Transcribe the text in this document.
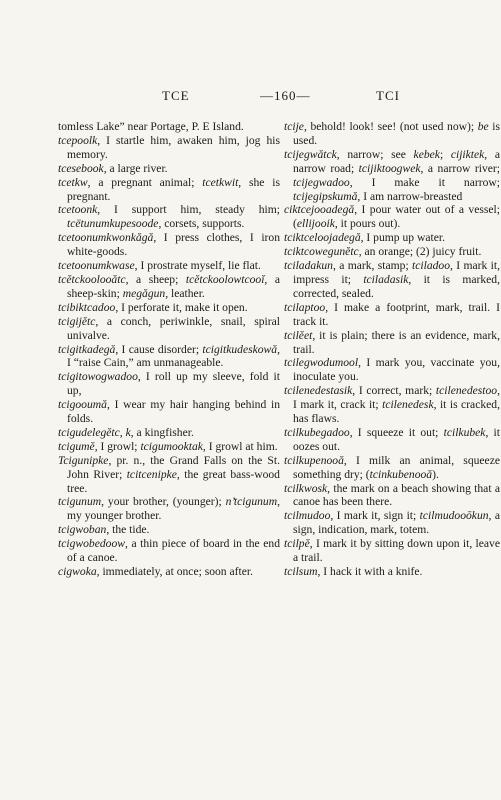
TCE	—160—	TCI

tomless Lake” near Portage, P. E Island.

tcepoolk, I startle him, awaken him, jog his memory.

tcesebook, a large river.

tcetkw, a pregnant animal; tcetkwit, she is pregnant.

tcetoonk, I support him, steady him; tcëtunumkupesoode, corsets, supports.

tcetoonumkwonkăgă, I press clothes, I iron white-goods.

tcetoonumkwase, I prostrate myself, lie flat.

tcĕtckoolooătc, a sheep; tcĕtckoolowtcooĭ, a sheep-skin; megăgun, leather.

tcibiktcadoo, I perforate it, make it open.

tcigijĕtc, a conch, periwinkle, snail, spiral univalve.

tcigitkadegă, I cause disorder; tcigitkudeskowă, I “raise Cain,” am unmanageable.

tcigitowogwadoo, I roll up my sleeve, fold it up,

tcigooumă, I wear my hair hanging behind in folds.

tcigudelegĕtc, k, a kingfisher.

tcigumĕ, I growl; tcigumooktak, I growl at him.

Tcigunipke, pr. n., the Grand Falls on the St. John River; tcitcenipke, the great bass-wood tree.

tcigunum, your brother, (younger); n’tcigunum, my younger brother.

tcigwoban, the tide.

tcigwobedoow, a thin piece of board in the end of a canoe.

cigwoka, immediately, at once; soon after.

tcije, behold! look! see! (not used now); be is used.

tcijegwătck, narrow; see kebek; cijiktek, a narrow road; tcijiktoogwek, a narrow river; tcijegwadoo, I make it narrow; tcijegipskumă, I am narrow-breasted

ciktcejooadegă, I pour water out of a vessel; (ellijooik, it pours out).

tciktceloojadegă, I pump up water.

tciktcowegunĕtc, an orange; (2) juicy fruit.

tciladakun, a mark, stamp; tciladoo, I mark it, impress it; tciladasik, it is marked, corrected, sealed.

tcilaptoo, I make a footprint, mark, trail. I track it.

tcilĕet, it is plain; there is an evidence, mark, trail.

tcilegwodumool, I mark you, vaccinate you, inoculate you.

tcilenedestasik, I correct, mark; tcilenedestoo, I mark it, crack it; tcilenedesk, it is cracked, has flaws.

tcilkubegadoo, I squeeze it out; tcilkubek, it oozes out.

tcilkupenooă, I milk an animal, squeeze something dry; (tcinkubenooă).

tcilkwosk, the mark on a beach showing that a canoe has been there.

tcilmudoo, I mark it, sign it; tcilmudooōkun, a sign, indication, mark, totem.

tcilpĕ, I mark it by sitting down upon it, leave a trail.

tcilsum, I hack it with a knife.
